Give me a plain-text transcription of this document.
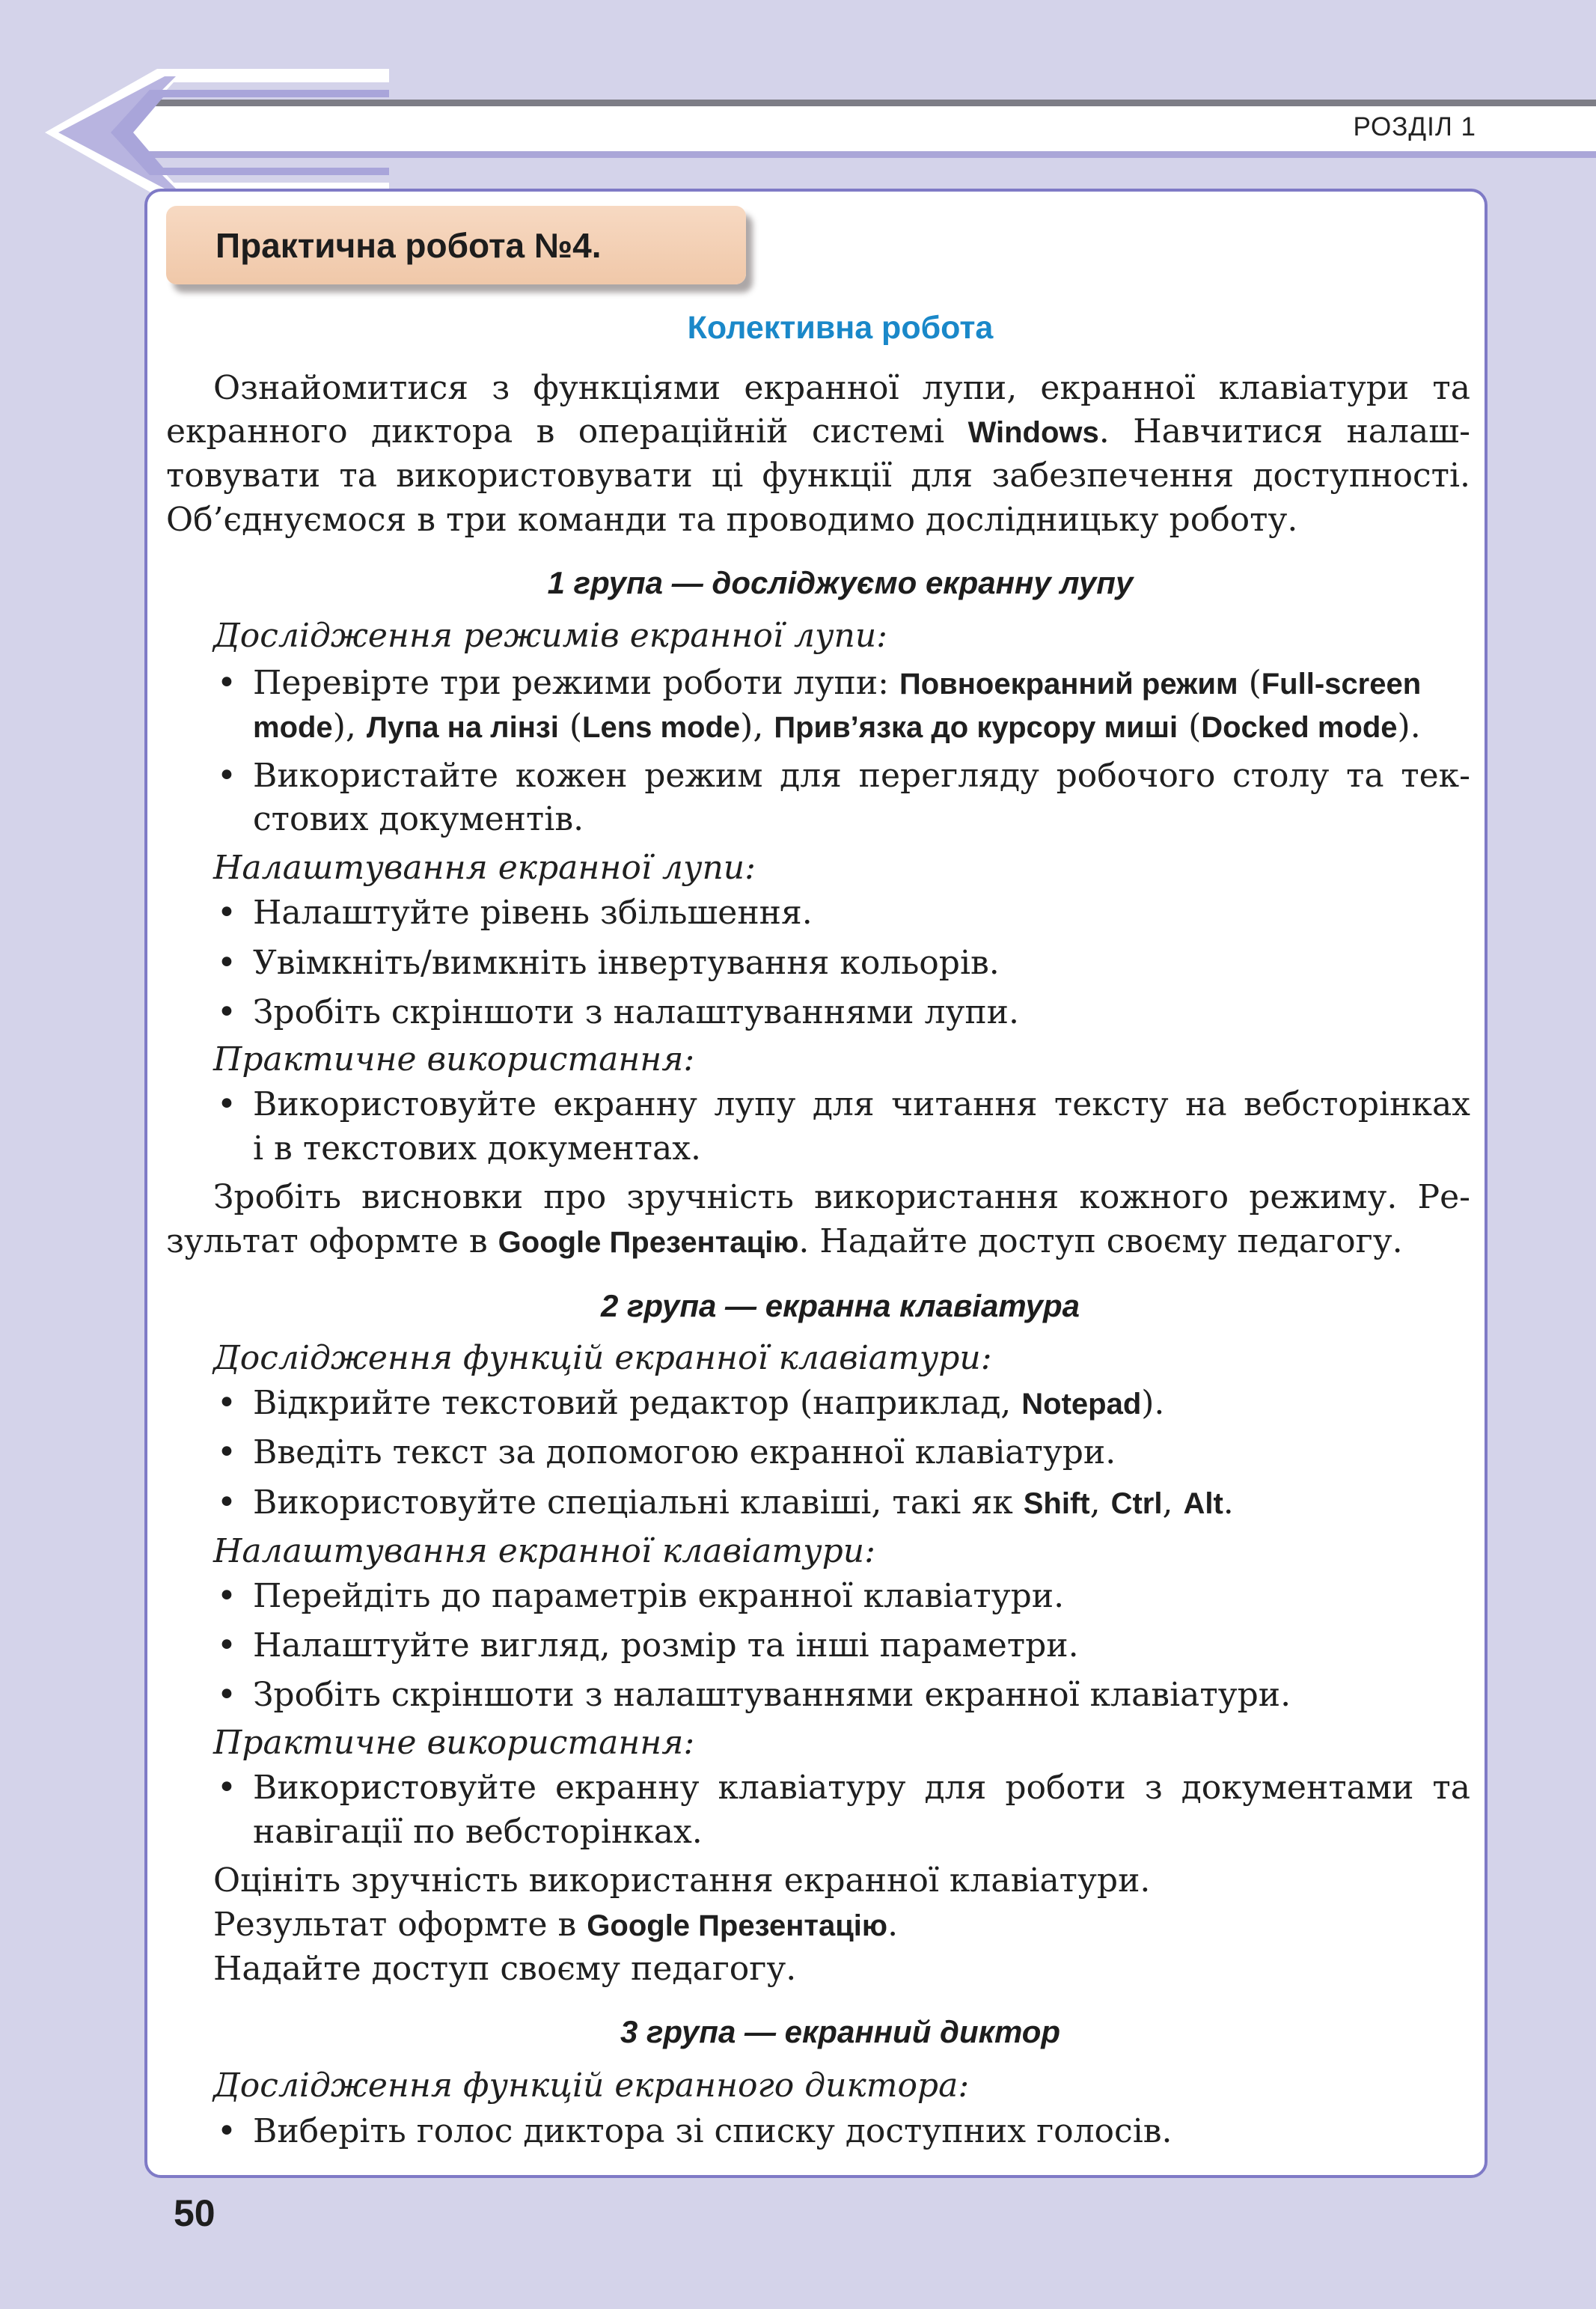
РОЗДІЛ 1
Практична робота №4.
Колективна робота
Ознайомитися з функціями екранної лупи, екранної клавіатури та
екранного диктора в операційній системі Windows. Навчитися налаш-
товувати та використовувати ці функції для забезпечення доступності.
Об’єднуємося в три команди та проводимо дослідницьку роботу.
1 група — досліджуємо екранну лупу
Дослідження режимів екранної лупи:
• Перевірте три режими роботи лупи: Повноекранний режим (Full-screen
mode), Лупа на лінзі (Lens mode), Прив’язка до курсору миші (Docked mode).
• Використайте кожен режим для перегляду робочого столу та тек-
стових документів.
Налаштування екранної лупи:
• Налаштуйте рівень збільшення.
• Увімкніть/вимкніть інвертування кольорів.
• Зробіть скріншоти з налаштуваннями лупи.
Практичне використання:
• Використовуйте екранну лупу для читання тексту на вебсторінках
і в текстових документах.
Зробіть висновки про зручність використання кожного режиму. Ре-
зультат оформте в Google Презентацію. Надайте доступ своєму педагогу.
2 група — екранна клавіатура
Дослідження функцій екранної клавіатури:
• Відкрийте текстовий редактор (наприклад, Notepad).
• Введіть текст за допомогою екранної клавіатури.
• Використовуйте спеціальні клавіші, такі як Shift, Ctrl, Alt.
Налаштування екранної клавіатури:
• Перейдіть до параметрів екранної клавіатури.
• Налаштуйте вигляд, розмір та інші параметри.
• Зробіть скріншоти з налаштуваннями екранної клавіатури.
Практичне використання:
• Використовуйте екранну клавіатуру для роботи з документами та
навігації по вебсторінках.
Оцініть зручність використання екранної клавіатури.
Результат оформте в Google Презентацію.
Надайте доступ своєму педагогу.
3 група — екранний диктор
Дослідження функцій екранного диктора:
• Виберіть голос диктора зі списку доступних голосів.
50
